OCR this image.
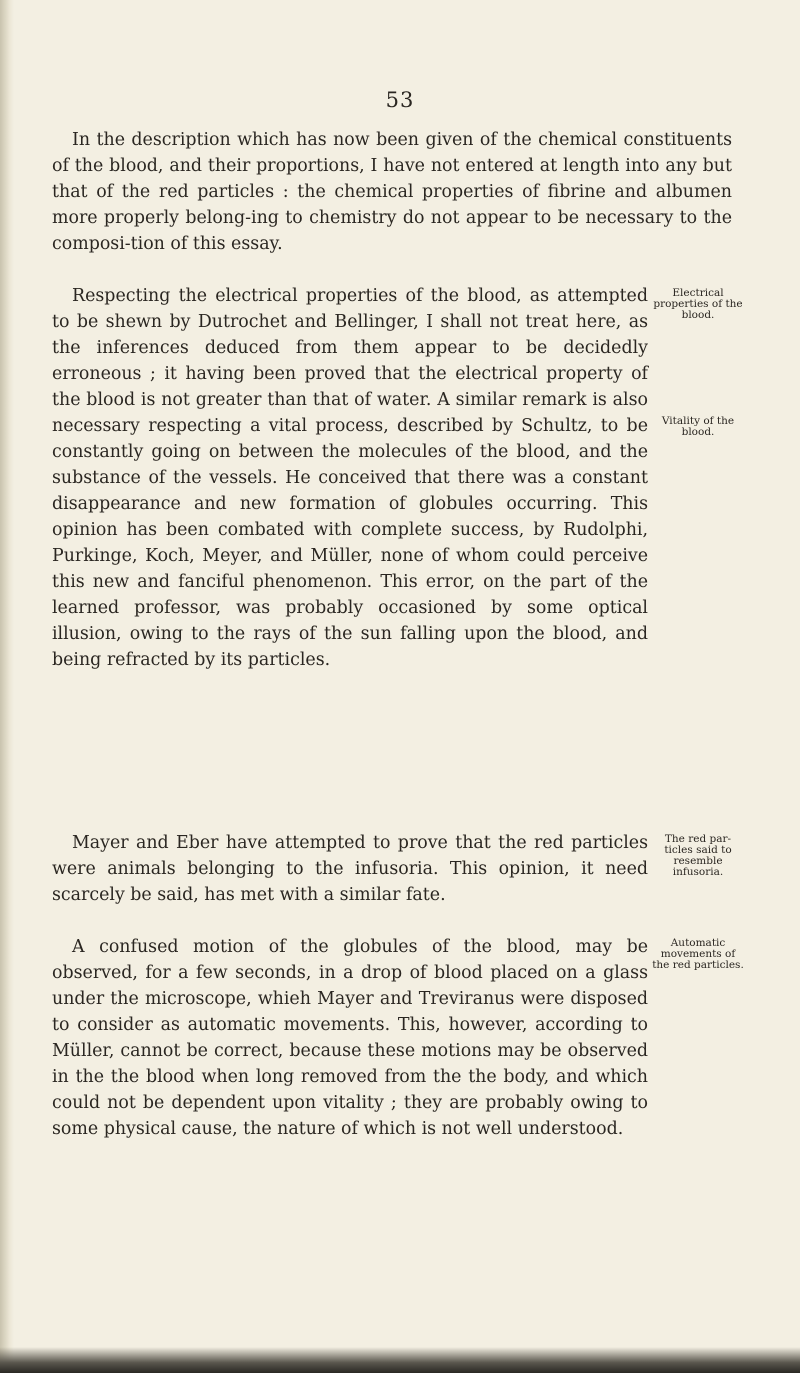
53

In the description which has now been given of the chemical constituents of the blood, and their proportions, I have not entered at length into any but that of the red particles : the chemical properties of fibrine and albumen more properly belong-ing to chemistry do not appear to be necessary to the composi-tion of this essay.

Respecting the electrical properties of the blood, as attempted to be shewn by Dutrochet and Bellinger, I shall not treat here, as the inferences deduced from them appear to be decidedly erroneous ; it having been proved that the electrical property of the blood is not greater than that of water. A similar remark is also necessary respecting a vital process, described by Schultz, to be constantly going on between the molecules of the blood, and the substance of the vessels. He conceived that there was a constant disappearance and new formation of globules occurring. This opinion has been combated with complete success, by Rudolphi, Purkinge, Koch, Meyer, and Müller, none of whom could perceive this new and fanciful phenomenon. This error, on the part of the learned professor, was probably occasioned by some optical illusion, owing to the rays of the sun falling upon the blood, and being refracted by its particles.

Mayer and Eber have attempted to prove that the red particles were animals belonging to the infusoria. This opinion, it need scarcely be said, has met with a similar fate.

A confused motion of the globules of the blood, may be observed, for a few seconds, in a drop of blood placed on a glass under the microscope, whieh Mayer and Treviranus were disposed to consider as automatic movements. This, however, according to Müller, cannot be correct, because these motions may be observed in the the blood when long removed from the the body, and which could not be dependent upon vitality ; they are probably owing to some physical cause, the nature of which is not well understood.

Electrical properties of the blood.
Vitality of the blood.
The red par-ticles said to resemble infusoria.
Automatic movements of the red particles.
